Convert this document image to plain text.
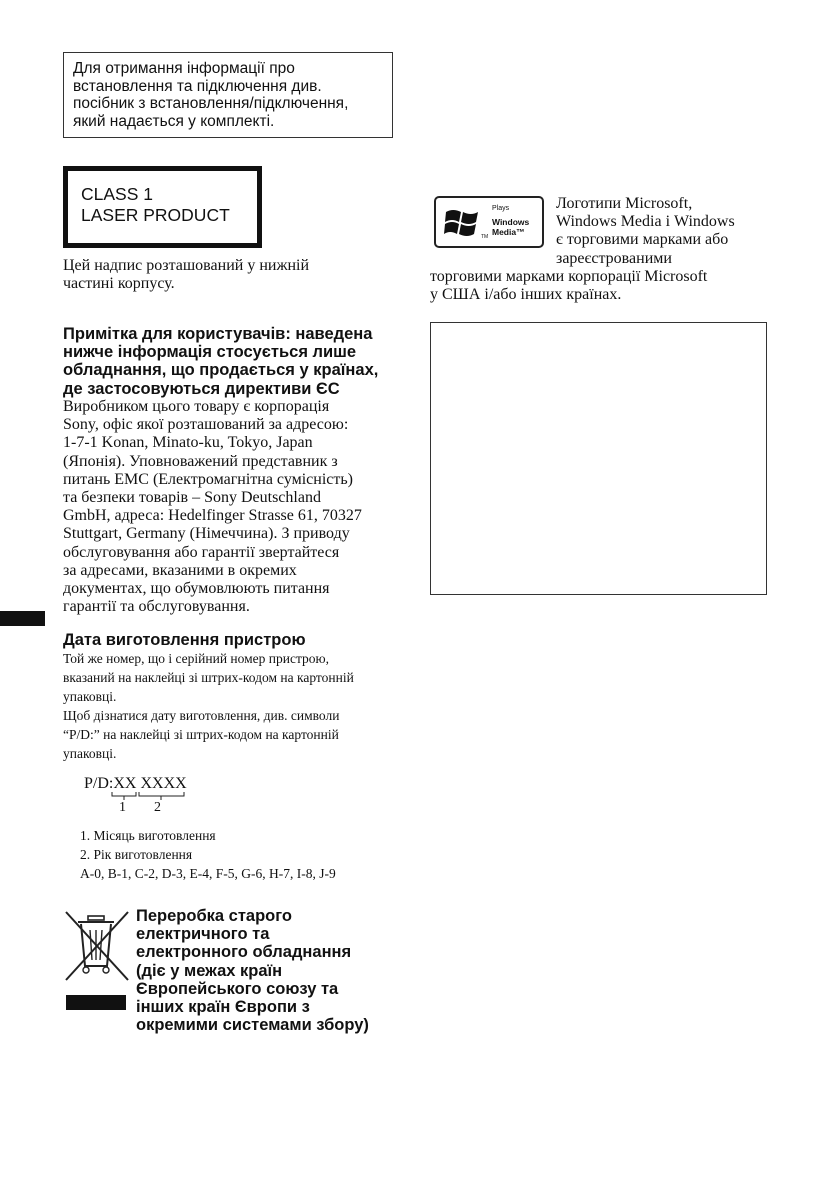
Для отримання інформації про
встановлення та підключення див.
посібник з встановлення/підключення,
який надається у комплекті.
CLASS 1
LASER PRODUCT
Цей надпис розташований у нижній
частині корпусу.
Примітка для користувачів: наведена
нижче інформація стосується лише
обладнання, що продається у країнах,
де застосовуються директиви ЄС
Виробником цього товару є корпорація
Sony, офіс якої розташований за адресою:
1-7-1 Konan, Minato-ku, Tokyo, Japan
(Японія). Уповноважений представник з
питань EMC (Електромагнітна сумісність)
та безпеки товарів – Sony Deutschland
GmbH, адреса: Hedelfinger Strasse 61, 70327
Stuttgart, Germany (Німеччина). З приводу
обслуговування або гарантії звертайтеся
за адресами, вказаними в окремих
документах, що обумовлюють питання
гарантії та обслуговування.
Дата виготовлення пристрою
Той же номер, що і серійний номер пристрою,
вказаний на наклейці зі штрих-кодом на картонній
упаковці.
Щоб дізнатися дату виготовлення, див. символи
“P/D:” на наклейці зі штрих-кодом на картонній
упаковці.
P/D:XX XXXX
1 2
1. Місяць виготовлення
2. Рік виготовлення
A-0, B-1, C-2, D-3, E-4, F-5, G-6, H-7, I-8, J-9
Переробка старого
електричного та
електронного обладнання
(діє у межах країн
Європейського союзу та
інших країн Європи з
окремими системами збору)
Plays
Windows
Media™
TM
Логотипи Microsoft,
Windows Media і Windows
є торговими марками або
зареєстрованими
торговими марками корпорації Microsoft
у США і/або інших країнах.
